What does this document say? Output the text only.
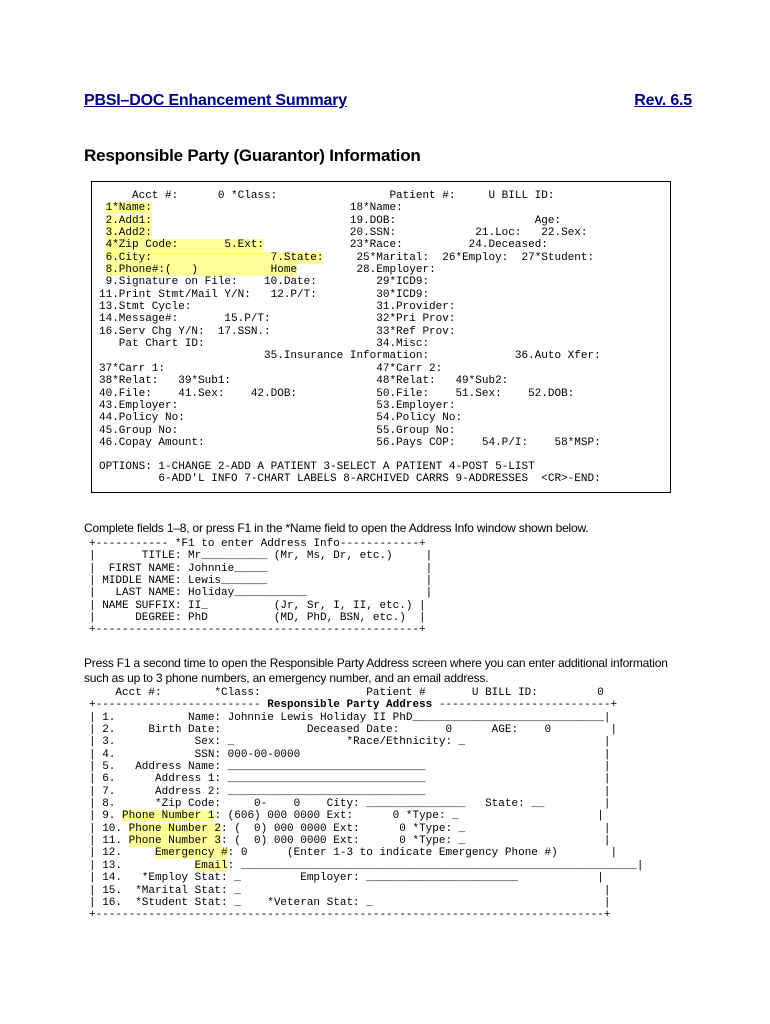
PBSI–DOC Enhancement Summary	Rev. 6.5
Responsible Party (Guarantor) Information
Acct #:      0 *Class:                 Patient #:     U BILL ID:
1*Name:                              18*Name:
2.Add1:                              19.DOB:                     Age:
3.Add2:                              20.SSN:            21.Loc:   22.Sex:
4*Zip Code:       5.Ext:             23*Race:          24.Deceased:
6.City:                  7.State:     25*Marital:  26*Employ:  27*Student:
8.Phone#:(   )           Home         28.Employer:
9.Signature on File:    10.Date:         29*ICD9:
11.Print Stmt/Mail Y/N:   12.P/T:         30*ICD9:
13.Stmt Cycle:                            31.Provider:
14.Message#:       15.P/T:                32*Pri Prov:
16.Serv Chg Y/N:  17.SSN.:                33*Ref Prov:
Pat Chart ID:                          34.Misc:
35.Insurance Information:             36.Auto Xfer:
37*Carr 1:                                47*Carr 2:
38*Relat:   39*Sub1:                      48*Relat:   49*Sub2:
40.File:    41.Sex:    42.DOB:            50.File:    51.Sex:    52.DOB:
43.Employer:                              53.Employer:
44.Policy No:                             54.Policy No:
45.Group No:                              55.Group No:
46.Copay Amount:                          56.Pays COP:    54.P/I:    58*MSP:
OPTIONS: 1-CHANGE 2-ADD A PATIENT 3-SELECT A PATIENT 4-POST 5-LIST
6-ADD'L INFO 7-CHART LABELS 8-ARCHIVED CARRS 9-ADDRESSES  <CR>-END:
Complete fields 1–8, or press F1 in the *Name field to open the Address Info window shown below.
+----------- *F1 to enter Address Info------------+
|       TITLE: Mr__________ (Mr, Ms, Dr, etc.)     |
|  FIRST NAME: Johnnie_____                        |
| MIDDLE NAME: Lewis_______                        |
|   LAST NAME: Holiday___________                  |
| NAME SUFFIX: II_          (Jr, Sr, I, II, etc.) |
|      DEGREE: PhD          (MD, PhD, BSN, etc.)  |
+-------------------------------------------------+
Press F1 a second time to open the Responsible Party Address screen where you can enter additional information such as up to 3 phone numbers, an emergency number, and an email address.
Acct #:        *Class:                Patient #       U BILL ID:         0
+------------------------- Responsible Party Address --------------------------+
| 1.           Name: Johnnie Lewis Holiday II PhD_____________________________|
| 2.     Birth Date:             Deceased Date:       0      AGE:    0         |
| 3.            Sex: _                 *Race/Ethnicity: _                     |
| 4.            SSN: 000-00-0000                                              |
| 5.   Address Name: ______________________________                           |
| 6.      Address 1: ______________________________                           |
| 7.      Address 2: ______________________________                           |
| 8.      *Zip Code:     0-    0    City: _______________   State: __         |
| 9. Phone Number 1: (606) 000 0000 Ext:      0 *Type: _                     |
| 10. Phone Number 2: (  0) 000 0000 Ext:      0 *Type: _                     |
| 11. Phone Number 3: (  0) 000 0000 Ext:      0 *Type: _                     |
| 12.     Emergency #: 0      (Enter 1-3 to indicate Emergency Phone #)        |
| 13.           Email: ____________________________________________________________|
| 14.   *Employ Stat: _         Employer: _______________________            |
| 15.  *Marital Stat: _                                                       |
| 16.  *Student Stat: _    *Veteran Stat: _                                   |
+-----------------------------------------------------------------------------+
